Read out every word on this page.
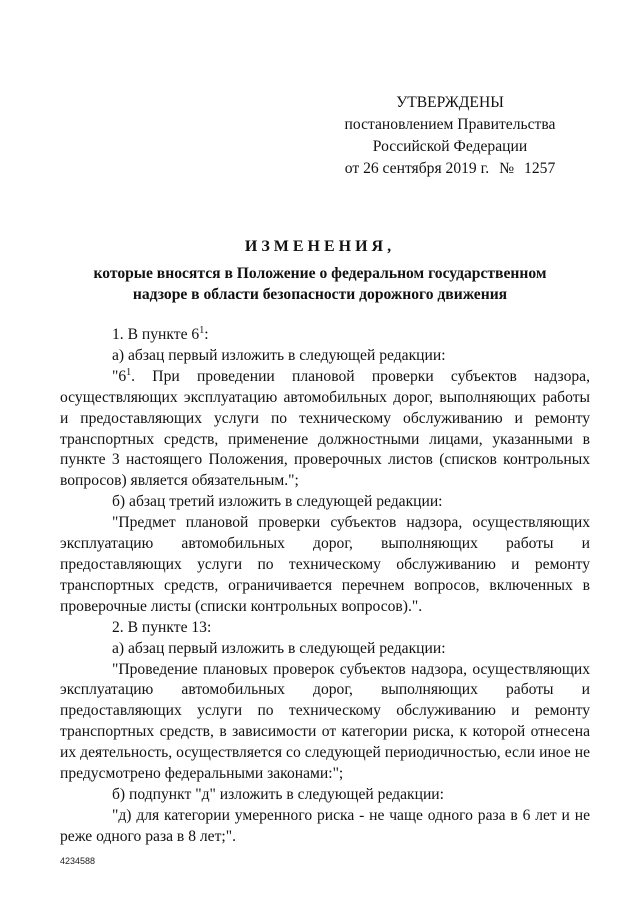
УТВЕРЖДЕНЫ
постановлением Правительства
Российской Федерации
от 26 сентября 2019 г. № 1257
ИЗМЕНЕНИЯ,
которые вносятся в Положение о федеральном государственном
надзоре в области безопасности дорожного движения

1. В пункте $6^1$:

а) абзац первый изложить в следующей редакции:

"$6^1$. При проведении плановой проверки субъектов надзора, осуществляющих эксплуатацию автомобильных дорог, выполняющих работы и предоставляющих услуги по техническому обслуживанию и ремонту транспортных средств, применение должностными лицами, указанными в пункте 3 настоящего Положения, проверочных листов (списков контрольных вопросов) является обязательным.";

б) абзац третий изложить в следующей редакции:

"Предмет плановой проверки субъектов надзора, осуществляющих эксплуатацию автомобильных дорог, выполняющих работы и предоставляющих услуги по техническому обслуживанию и ремонту транспортных средств, ограничивается перечнем вопросов, включенных в проверочные листы (списки контрольных вопросов).".

2. В пункте 13:

а) абзац первый изложить в следующей редакции:

"Проведение плановых проверок субъектов надзора, осуществляющих эксплуатацию автомобильных дорог, выполняющих работы и предоставляющих услуги по техническому обслуживанию и ремонту транспортных средств, в зависимости от категории риска, к которой отнесена их деятельность, осуществляется со следующей периодичностью, если иное не предусмотрено федеральными законами:";

б) подпункт "д" изложить в следующей редакции:

"д) для категории умеренного риска - не чаще одного раза в 6 лет и не реже одного раза в 8 лет;".

4234588
